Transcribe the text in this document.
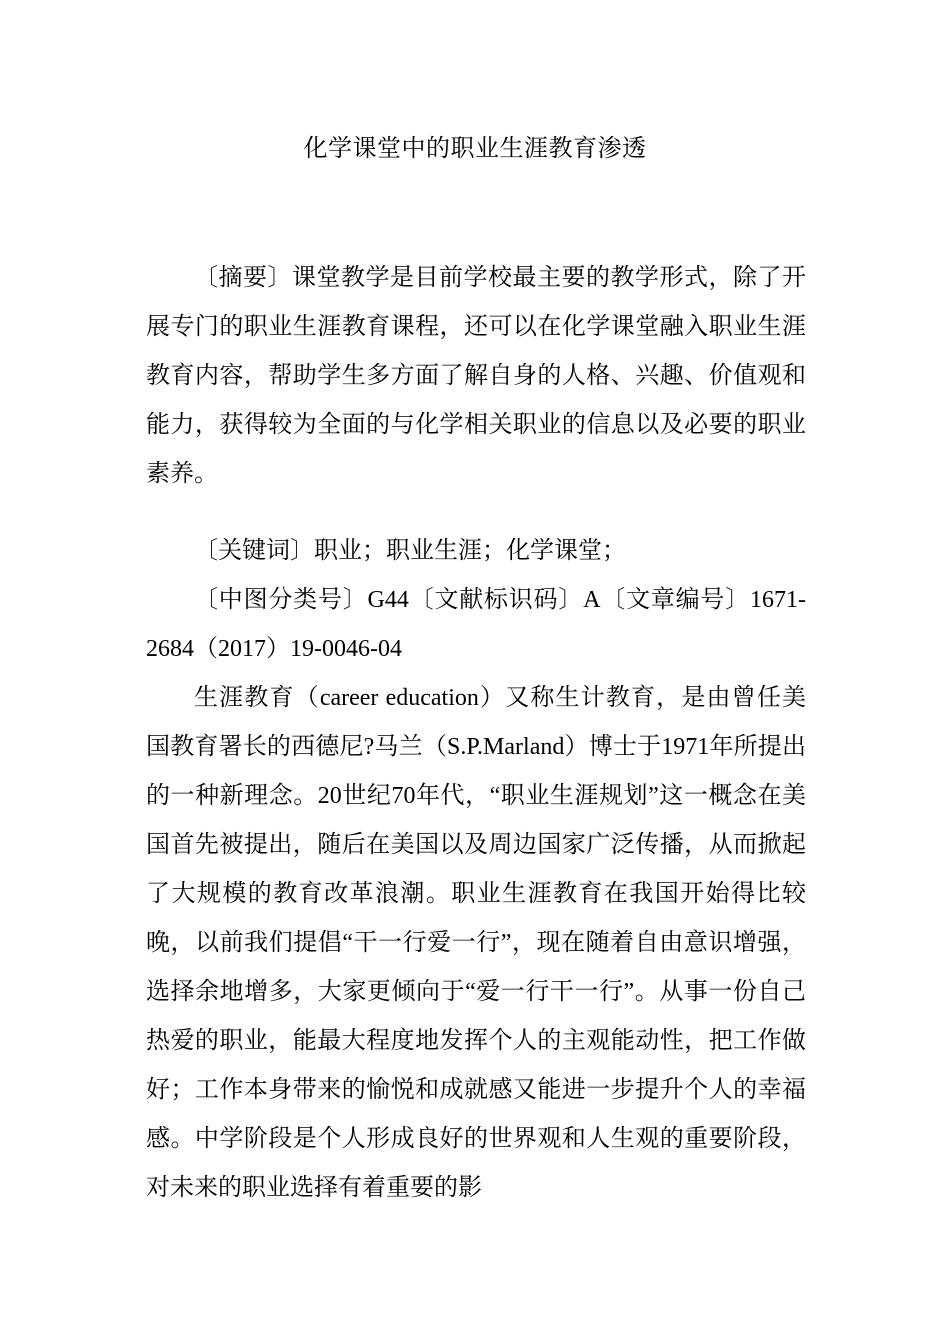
化学课堂中的职业生涯教育渗透

〔摘要〕课堂教学是目前学校最主要的教学形式，除了开展专门的职业生涯教育课程，还可以在化学课堂融入职业生涯教育内容，帮助学生多方面了解自身的人格、兴趣、价值观和能力，获得较为全面的与化学相关职业的信息以及必要的职业素养。

〔关键词〕职业；职业生涯；化学课堂；

〔中图分类号〕G44〔文献标识码〕A〔文章编号〕1671-2684（2017）19-0046-04

生涯教育（career education）又称生计教育，是由曾任美国教育署长的西德尼?马兰（S.P.Marland）博士于1971年所提出的一种新理念。20世纪70年代，“职业生涯规划”这一概念在美国首先被提出，随后在美国以及周边国家广泛传播，从而掀起了大规模的教育改革浪潮。职业生涯教育在我国开始得比较晚，以前我们提倡“干一行爱一行”，现在随着自由意识增强，选择余地增多，大家更倾向于“爱一行干一行”。从事一份自己热爱的职业，能最大程度地发挥个人的主观能动性，把工作做好；工作本身带来的愉悦和成就感又能进一步提升个人的幸福感。中学阶段是个人形成良好的世界观和人生观的重要阶段，对未来的职业选择有着重要的影
